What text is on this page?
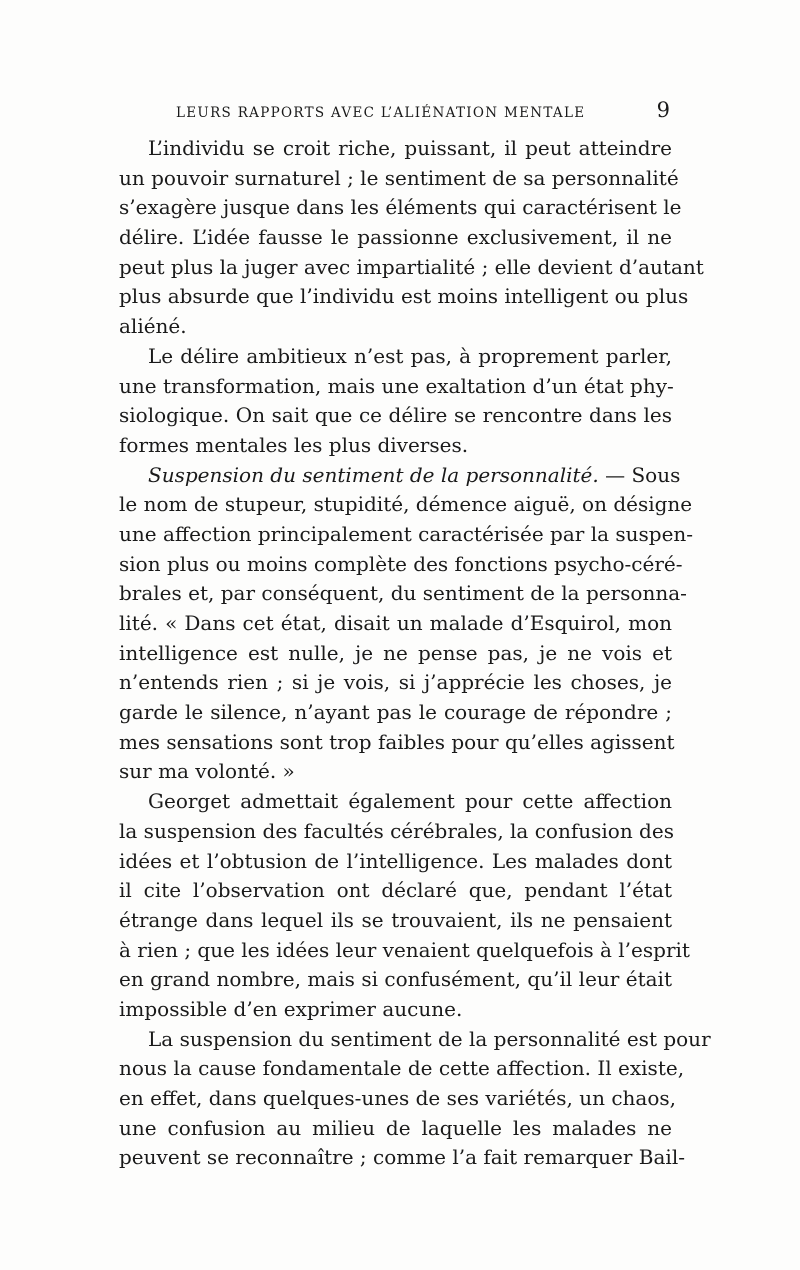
LEURS RAPPORTS AVEC L’ALIÉNATION MENTALE	9
L’individu se croit riche, puissant, il peut atteindre
un pouvoir surnaturel ; le sentiment de sa personnalité
s’exagère jusque dans les éléments qui caractérisent le
délire. L’idée fausse le passionne exclusivement, il ne
peut plus la juger avec impartialité ; elle devient d’autant
plus absurde que l’individu est moins intelligent ou plus
aliéné.
Le délire ambitieux n’est pas, à proprement parler,
une transformation, mais une exaltation d’un état phy-
siologique. On sait que ce délire se rencontre dans les
formes mentales les plus diverses.
Suspension du sentiment de la personnalité. — Sous
le nom de stupeur, stupidité, démence aiguë, on désigne
une affection principalement caractérisée par la suspen-
sion plus ou moins complète des fonctions psycho-céré-
brales et, par conséquent, du sentiment de la personna-
lité. « Dans cet état, disait un malade d’Esquirol, mon
intelligence est nulle, je ne pense pas, je ne vois et
n’entends rien ; si je vois, si j’apprécie les choses, je
garde le silence, n’ayant pas le courage de répondre ;
mes sensations sont trop faibles pour qu’elles agissent
sur ma volonté. »
Georget admettait également pour cette affection
la suspension des facultés cérébrales, la confusion des
idées et l’obtusion de l’intelligence. Les malades dont
il cite l’observation ont déclaré que, pendant l’état
étrange dans lequel ils se trouvaient, ils ne pensaient
à rien ; que les idées leur venaient quelquefois à l’esprit
en grand nombre, mais si confusément, qu’il leur était
impossible d’en exprimer aucune.
La suspension du sentiment de la personnalité est pour
nous la cause fondamentale de cette affection. Il existe,
en effet, dans quelques-unes de ses variétés, un chaos,
une confusion au milieu de laquelle les malades ne
peuvent se reconnaître ; comme l’a fait remarquer Bail-
